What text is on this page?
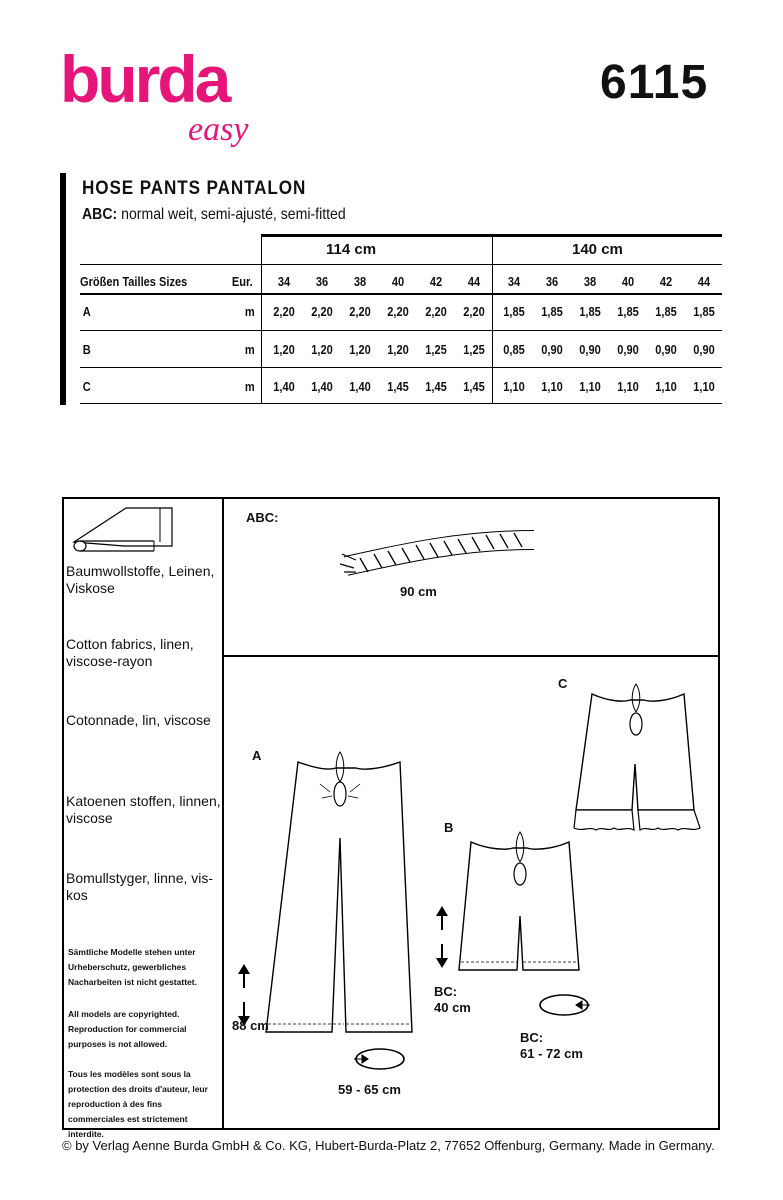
burda
easy
6115
HOSE PANTS PANTALON
ABC: normal weit, semi-ajusté, semi-fitted
114 cm	140 cm
Größen Tailles Sizes	Eur.	34	36	38	40	42	44	34	36	38	40	42	44
A	m	2,20	2,20	2,20	2,20	2,20	2,20	1,85	1,85	1,85	1,85	1,85	1,85
B	m	1,20	1,20	1,20	1,20	1,25	1,25	0,85	0,90	0,90	0,90	0,90	0,90
C	m	1,40	1,40	1,40	1,45	1,45	1,45	1,10	1,10	1,10	1,10	1,10	1,10
Baumwollstoffe, Leinen, Viskose
Cotton fabrics, linen, viscose-rayon
Cotonnade, lin, viscose
Katoenen stoffen, linnen, viscose
Bomullstyger, linne, vis-kos
Sämtliche Modelle stehen unter Urheberschutz, gewerbliches Nacharbeiten ist nicht gestattet.
All models are copyrighted. Reproduction for commercial purposes is not allowed.
Tous les modèles sont sous la protection des droits d'auteur, leur reproduction à des fins commerciales est strictement interdite.
ABC:
90 cm
A
88 cm
59 - 65 cm
B
BC:
40 cm
BC:
61 - 72 cm
C
© by Verlag Aenne Burda GmbH & Co. KG, Hubert-Burda-Platz 2, 77652 Offenburg, Germany. Made in Germany.
